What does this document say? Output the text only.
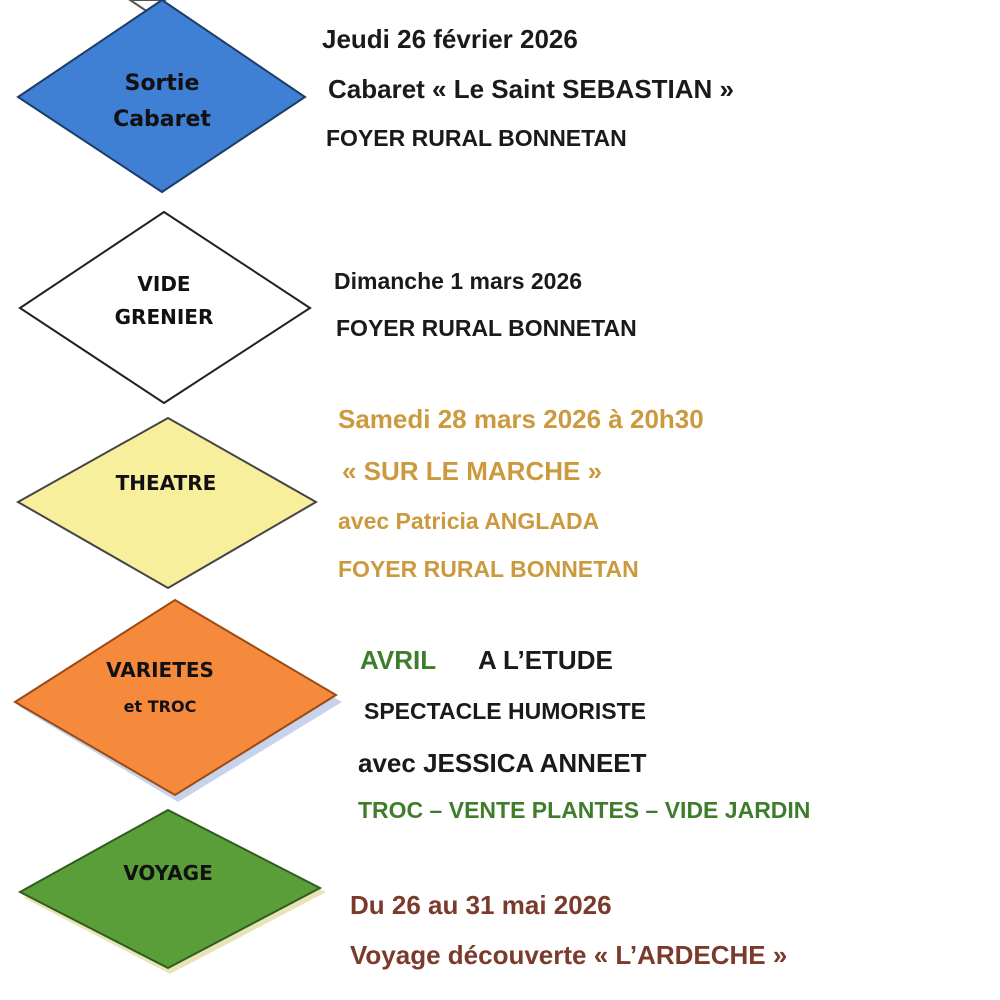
Sortie
Cabaret
VIDE
GRENIER
THEATRE
VARIETES
et TROC
VOYAGE
Jeudi 26 février 2026
Cabaret « Le Saint SEBASTIAN »
FOYER RURAL BONNETAN
Dimanche 1 mars 2026
FOYER RURAL BONNETAN
Samedi 28 mars 2026 à 20h30
« SUR LE MARCHE »
avec Patricia ANGLADA
FOYER RURAL BONNETAN
AVRIL A L’ETUDE
SPECTACLE HUMORISTE
avec JESSICA ANNEET
TROC – VENTE PLANTES – VIDE JARDIN
Du 26 au 31 mai 2026
Voyage découverte « L’ARDECHE »
